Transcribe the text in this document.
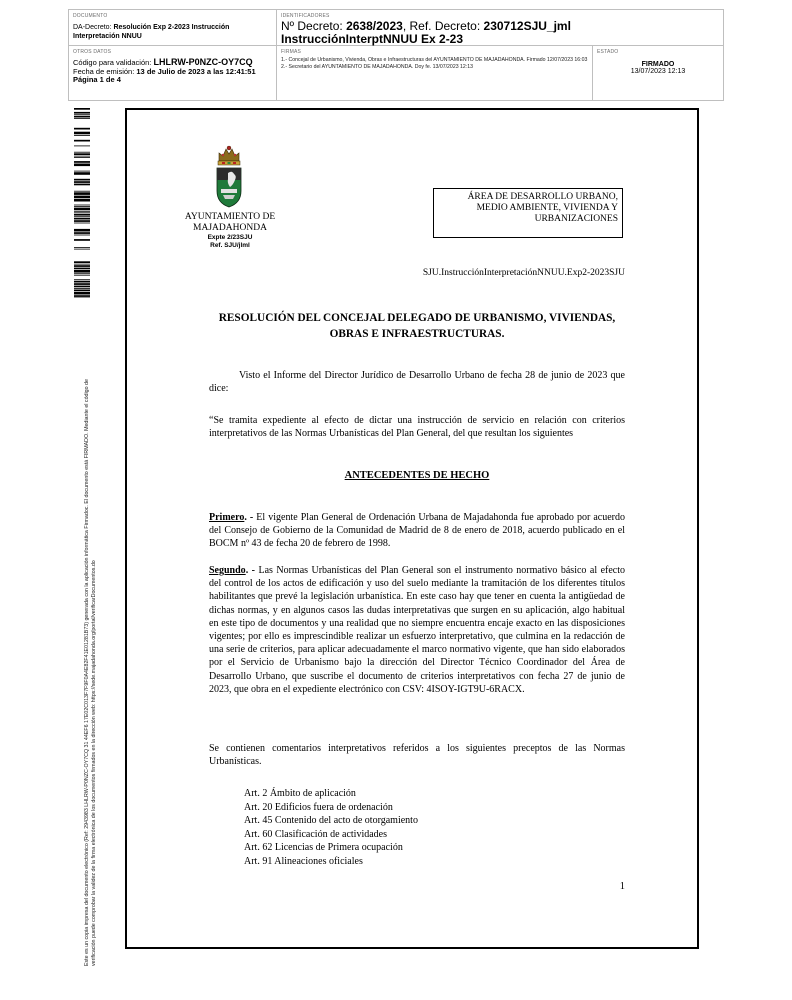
DOCUMENTO
DA-Decreto: Resolución Exp 2-2023 Instrucción Interpretación NNUU
IDENTIFICADORES
Nº Decreto: 2638/2023, Ref. Decreto: 230712SJU_jml
InstrucciónInterptNNUU Ex 2-23
OTROS DATOS
Código para validación: LHLRW-P0NZC-OY7CQ
Fecha de emisión: 13 de Julio de 2023 a las 12:41:51
Página 1 de 4
FIRMAS
1.- Concejal de Urbanismo, Vivienda, Obras e Infraestructuras del AYUNTAMIENTO DE MAJADAHONDA. Firmado 12/07/2023 16:03
2.- Secretario del AYUNTAMIENTO DE MAJADAHONDA. Doy fe. 13/07/2023 12:13
ESTADO
FIRMADO
13/07/2023 12:13
Este es un copia impresa del documento electrónico (Ref: 2943983 LHLRW-P0NZC-OY7CQ 31 44EF6 17E02C013F7F9F0A4E82F41E01281B73) generada con la aplicación informática Firmadoc. El documento está FIRMADO. Mediante el código de verificación puede comprobar la validez de la firma electrónica de los documentos firmados en la dirección web: https://sede.majadahonda.org/portal/verificarDocumentos.do
AYUNTAMIENTO DE
MAJADAHONDA
Expte 2/23SJU
Ref. SJU/jlml
ÁREA DE DESARROLLO URBANO,
MEDIO AMBIENTE, VIVIENDA Y
URBANIZACIONES
SJU.InstrucciónInterpretaciónNNUU.Exp2-2023SJU
RESOLUCIÓN DEL CONCEJAL DELEGADO DE URBANISMO, VIVIENDAS,
OBRAS E INFRAESTRUCTURAS.
Visto el Informe del Director Jurídico de Desarrollo Urbano de fecha 28 de junio de 2023 que dice:
“Se tramita expediente al efecto de dictar una instrucción de servicio en relación con criterios interpretativos de las Normas Urbanísticas del Plan General, del que resultan los siguientes
ANTECEDENTES DE HECHO
Primero. - El vigente Plan General de Ordenación Urbana de Majadahonda fue aprobado por acuerdo del Consejo de Gobierno de la Comunidad de Madrid de 8 de enero de 2018, acuerdo publicado en el BOCM nº 43 de fecha 20 de febrero de 1998.
Segundo. - Las Normas Urbanísticas del Plan General son el instrumento normativo básico al efecto del control de los actos de edificación y uso del suelo mediante la tramitación de los diferentes títulos habilitantes que prevé la legislación urbanística. En este caso hay que tener en cuenta la antigüedad de dichas normas, y en algunos casos las dudas interpretativas que surgen en su aplicación, algo habitual en este tipo de documentos y una realidad que no siempre encuentra encaje exacto en las disposiciones vigentes; por ello es imprescindible realizar un esfuerzo interpretativo, que culmina en la redacción de una serie de criterios, para aplicar adecuadamente el marco normativo vigente, que han sido elaborados por el Servicio de Urbanismo bajo la dirección del Director Técnico Coordinador del Área de Desarrollo Urbano, que suscribe el documento de criterios interpretativos con fecha 27 de junio de 2023, que obra en el expediente electrónico con CSV: 4ISOY-IGT9U-6RACX.
Se contienen comentarios interpretativos referidos a los siguientes preceptos de las Normas Urbanísticas.
Art. 2 Ámbito de aplicación
Art. 20 Edificios fuera de ordenación
Art. 45 Contenido del acto de otorgamiento
Art. 60 Clasificación de actividades
Art. 62 Licencias de Primera ocupación
Art. 91 Alineaciones oficiales
1
